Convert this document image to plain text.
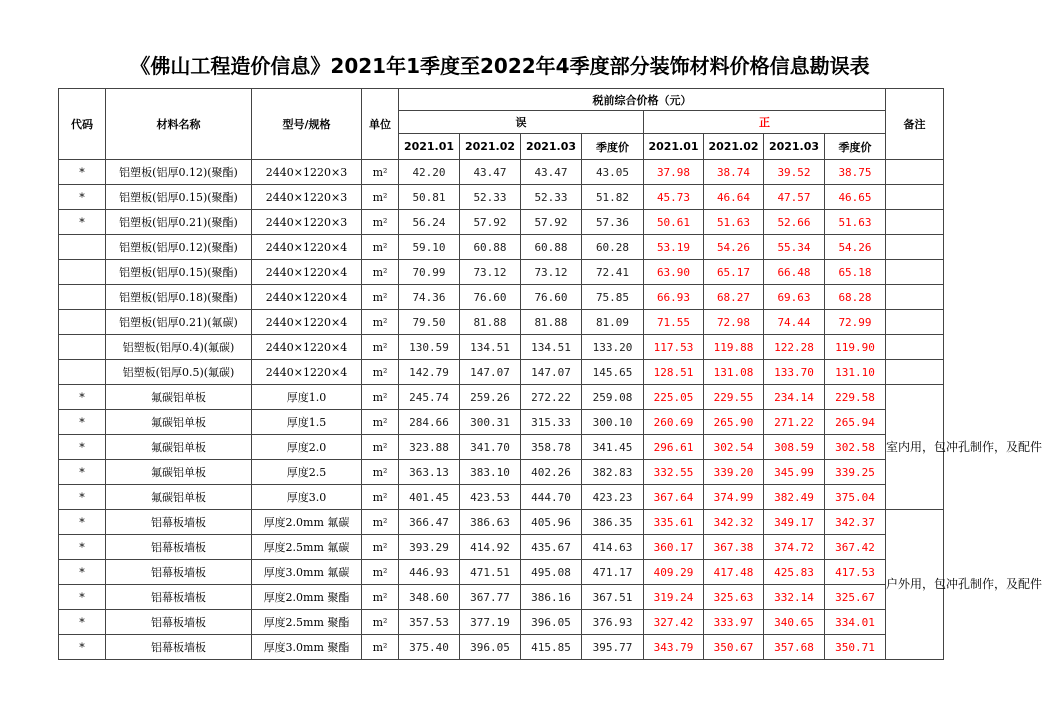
《佛山工程造价信息》2021年1季度至2022年4季度部分装饰材料价格信息勘误表
代码	材料名称	型号/规格	单位	税前综合价格（元）								备注
				误				正				
				2021.01	2021.02	2021.03	季度价	2021.01	2021.02	2021.03	季度价	
*	铝塑板(铝厚0.12)(聚酯)	2440×1220×3	m²	42.20	43.47	43.47	43.05	37.98	38.74	39.52	38.75	
*	铝塑板(铝厚0.15)(聚酯)	2440×1220×3	m²	50.81	52.33	52.33	51.82	45.73	46.64	47.57	46.65	
*	铝塑板(铝厚0.21)(聚酯)	2440×1220×3	m²	56.24	57.92	57.92	57.36	50.61	51.63	52.66	51.63	
	铝塑板(铝厚0.12)(聚酯)	2440×1220×4	m²	59.10	60.88	60.88	60.28	53.19	54.26	55.34	54.26	
	铝塑板(铝厚0.15)(聚酯)	2440×1220×4	m²	70.99	73.12	73.12	72.41	63.90	65.17	66.48	65.18	
	铝塑板(铝厚0.18)(聚酯)	2440×1220×4	m²	74.36	76.60	76.60	75.85	66.93	68.27	69.63	68.28	
	铝塑板(铝厚0.21)(氟碳)	2440×1220×4	m²	79.50	81.88	81.88	81.09	71.55	72.98	74.44	72.99	
	铝塑板(铝厚0.4)(氟碳)	2440×1220×4	m²	130.59	134.51	134.51	133.20	117.53	119.88	122.28	119.90	
	铝塑板(铝厚0.5)(氟碳)	2440×1220×4	m²	142.79	147.07	147.07	145.65	128.51	131.08	133.70	131.10	
*	氟碳铝单板	厚度1.0	m²	245.74	259.26	272.22	259.08	225.05	229.55	234.14	229.58	室内用，包冲孔制作，及配件
*	氟碳铝单板	厚度1.5	m²	284.66	300.31	315.33	300.10	260.69	265.90	271.22	265.94	
*	氟碳铝单板	厚度2.0	m²	323.88	341.70	358.78	341.45	296.61	302.54	308.59	302.58	
*	氟碳铝单板	厚度2.5	m²	363.13	383.10	402.26	382.83	332.55	339.20	345.99	339.25	
*	氟碳铝单板	厚度3.0	m²	401.45	423.53	444.70	423.23	367.64	374.99	382.49	375.04	
*	铝幕板墙板	厚度2.0mm 氟碳	m²	366.47	386.63	405.96	386.35	335.61	342.32	349.17	342.37	户外用，包冲孔制作，及配件
*	铝幕板墙板	厚度2.5mm 氟碳	m²	393.29	414.92	435.67	414.63	360.17	367.38	374.72	367.42	
*	铝幕板墙板	厚度3.0mm 氟碳	m²	446.93	471.51	495.08	471.17	409.29	417.48	425.83	417.53	
*	铝幕板墙板	厚度2.0mm 聚酯	m²	348.60	367.77	386.16	367.51	319.24	325.63	332.14	325.67	
*	铝幕板墙板	厚度2.5mm 聚酯	m²	357.53	377.19	396.05	376.93	327.42	333.97	340.65	334.01	
*	铝幕板墙板	厚度3.0mm 聚酯	m²	375.40	396.05	415.85	395.77	343.79	350.67	357.68	350.71	
